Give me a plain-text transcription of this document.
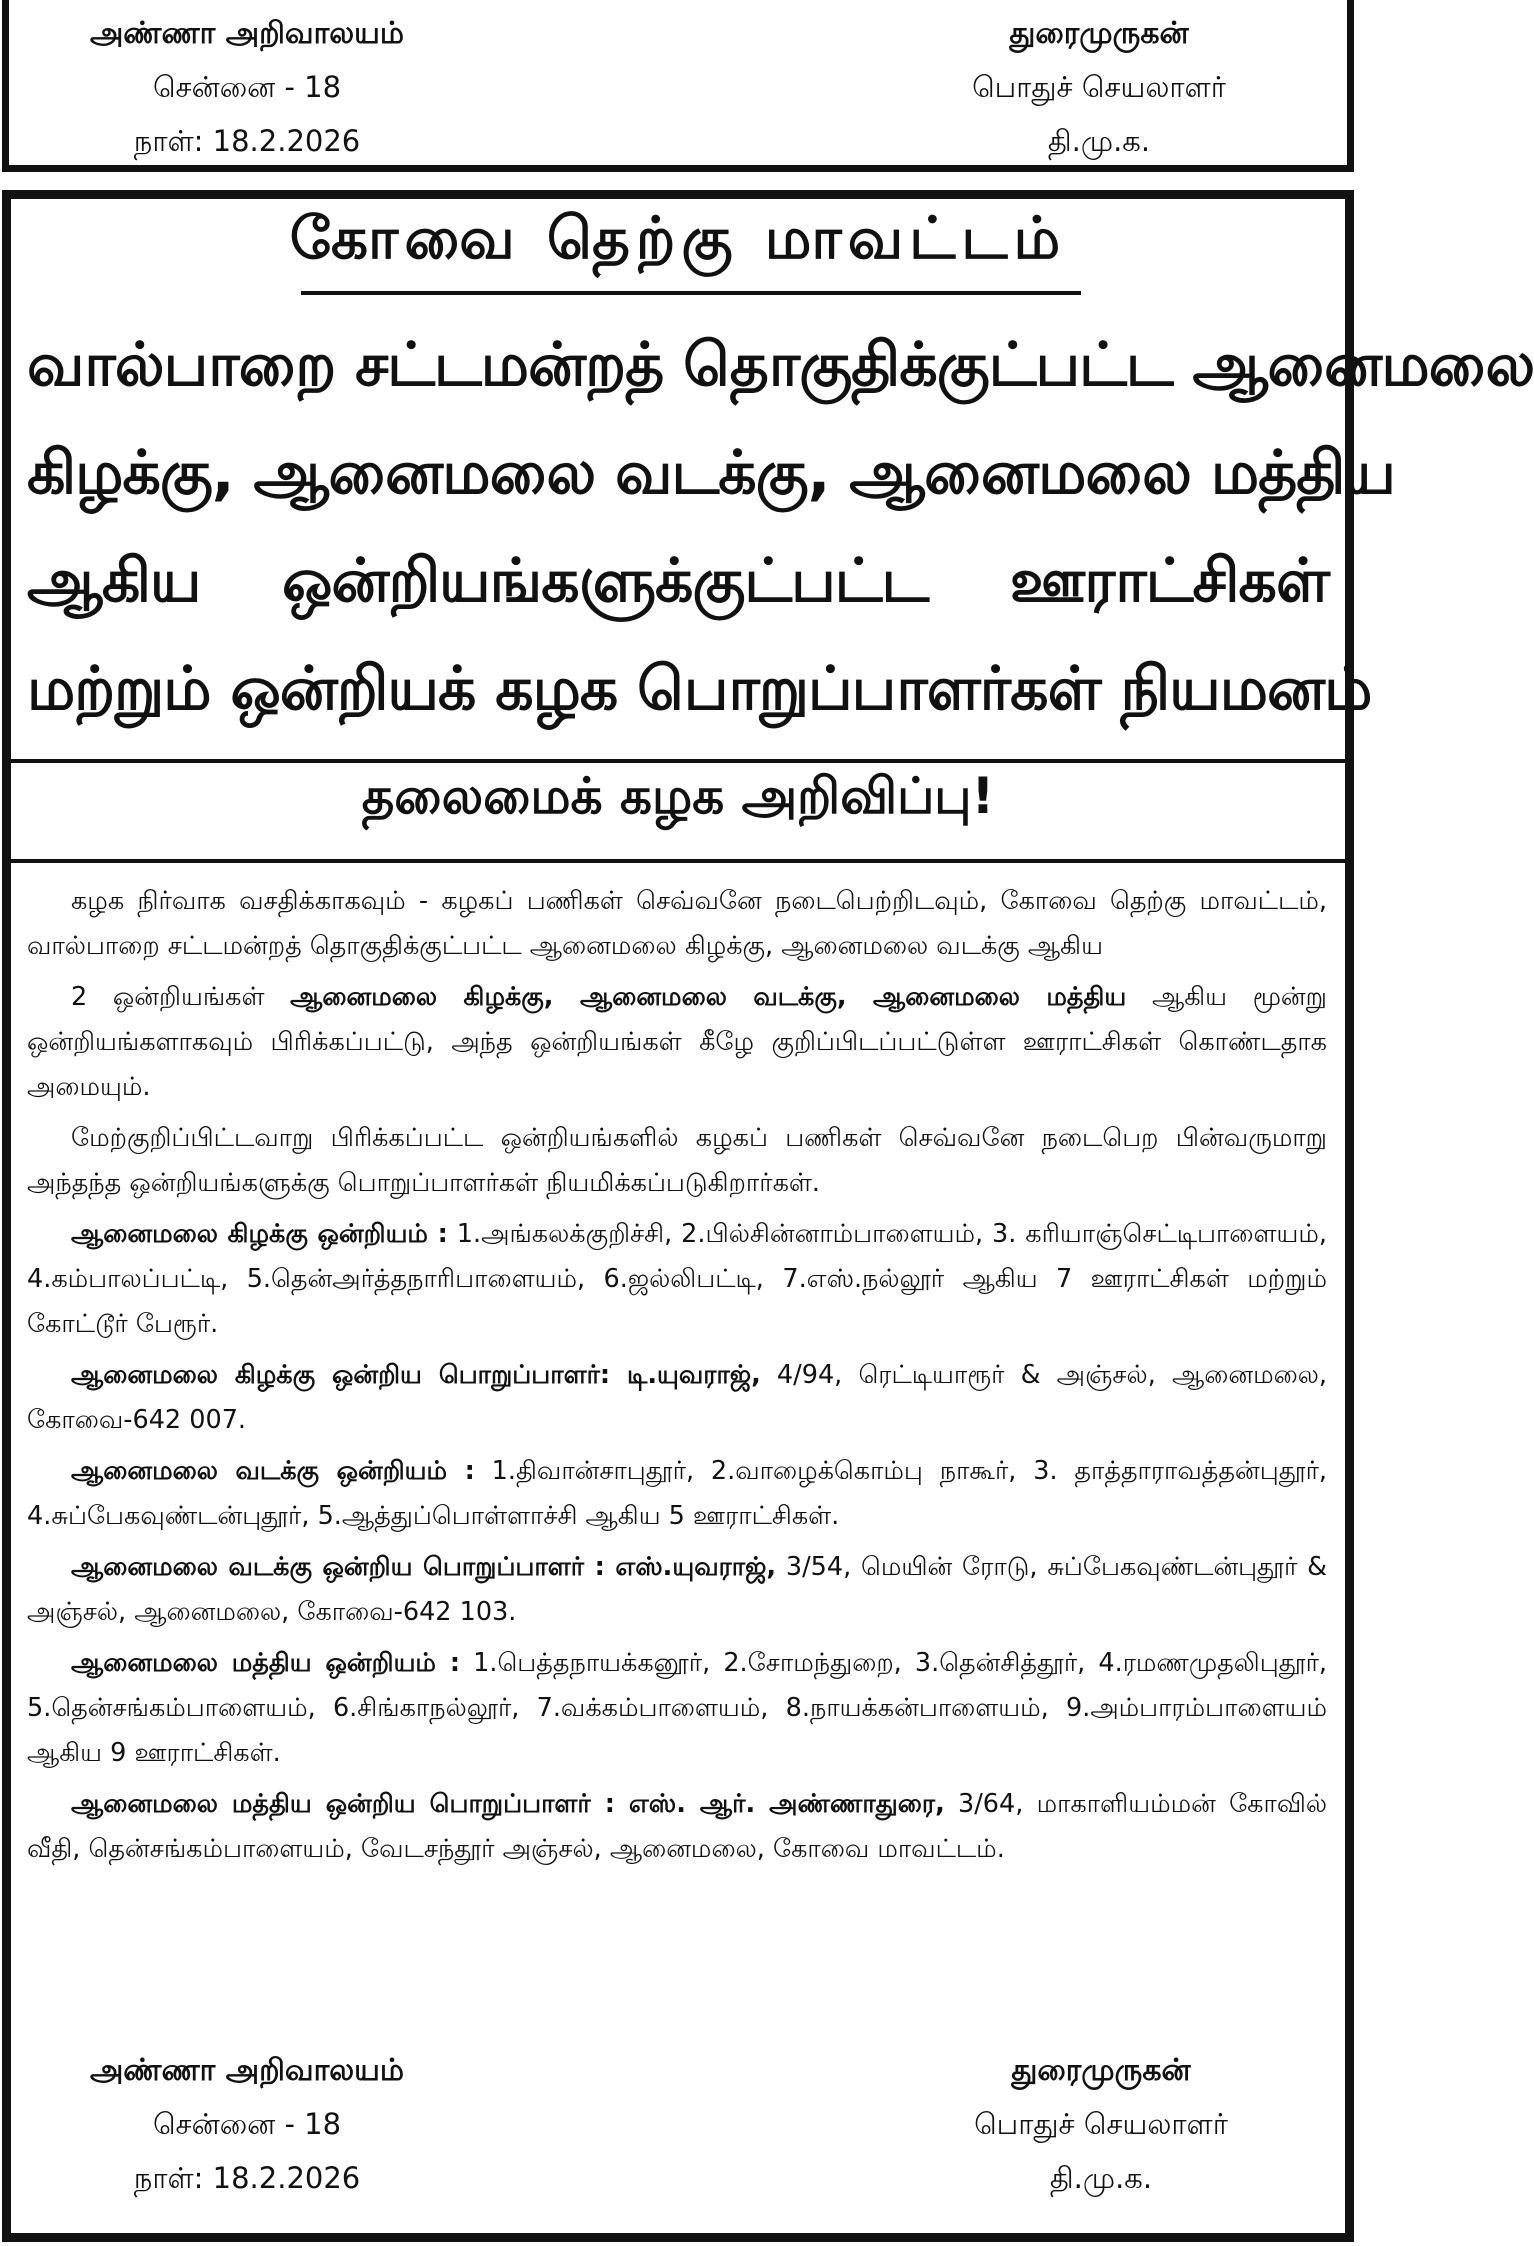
அண்ணா அறிவாலயம்
சென்னை - 18
நாள்: 18.2.2026
துரைமுருகன்
பொதுச் செயலாளர்
தி.மு.க.
கோவை தெற்கு மாவட்டம்
வால்பாறை சட்டமன்றத் தொகுதிக்குட்பட்ட ஆனைமலை
கிழக்கு, ஆனைமலை வடக்கு, ஆனைமலை மத்திய
ஆகிய ஒன்றியங்களுக்குட்பட்ட ஊராட்சிகள்
மற்றும் ஒன்றியக் கழக பொறுப்பாளர்கள் நியமனம்
தலைமைக் கழக அறிவிப்பு!

கழக நிர்வாக வசதிக்காகவும் - கழகப் பணிகள் செவ்வனே நடைபெற்றிடவும், கோவை தெற்கு மாவட்டம், வால்பாறை சட்டமன்றத் தொகுதிக்குட்பட்ட ஆனைமலை கிழக்கு, ஆனைமலை வடக்கு ஆகிய

2 ஒன்றியங்கள் ஆனைமலை கிழக்கு, ஆனைமலை வடக்கு, ஆனைமலை மத்திய ஆகிய மூன்று ஒன்றியங்களாகவும் பிரிக்கப்பட்டு, அந்த ஒன்றியங்கள் கீழே குறிப்பிடப்பட்டுள்ள ஊராட்சிகள் கொண்டதாக அமையும்.

மேற்குறிப்பிட்டவாறு பிரிக்கப்பட்ட ஒன்றியங்களில் கழகப் பணிகள் செவ்வனே நடைபெற பின்வருமாறு அந்தந்த ஒன்றியங்களுக்கு பொறுப்பாளர்கள் நியமிக்கப்படுகிறார்கள்.

ஆனைமலை கிழக்கு ஒன்றியம் : 1.அங்கலக்குறிச்சி, 2.பில்சின்னாம்பாளையம், 3. கரியாஞ்செட்டிபாளையம், 4.கம்பாலப்பட்டி, 5.தென்அர்த்தநாரிபாளையம், 6.ஜல்லிபட்டி, 7.எஸ்.நல்லூர் ஆகிய 7 ஊராட்சிகள் மற்றும் கோட்டூர் பேரூர்.

ஆனைமலை கிழக்கு ஒன்றிய பொறுப்பாளர்: டி.யுவராஜ், 4/94, ரெட்டியாரூர் & அஞ்சல், ஆனைமலை, கோவை-642 007.

ஆனைமலை வடக்கு ஒன்றியம் : 1.திவான்சாபுதூர், 2.வாழைக்கொம்பு நாகூர், 3. தாத்தாராவத்தன்புதூர், 4.சுப்பேகவுண்டன்புதூர், 5.ஆத்துப்பொள்ளாச்சி ஆகிய 5 ஊராட்சிகள்.

ஆனைமலை வடக்கு ஒன்றிய பொறுப்பாளர் : எஸ்.யுவராஜ், 3/54, மெயின் ரோடு, சுப்பேகவுண்டன்புதூர் & அஞ்சல், ஆனைமலை, கோவை-642 103.

ஆனைமலை மத்திய ஒன்றியம் : 1.பெத்தநாயக்கனூர், 2.சோமந்துறை, 3.தென்சித்தூர், 4.ரமணமுதலிபுதூர், 5.தென்சங்கம்பாளையம், 6.சிங்காநல்லூர், 7.வக்கம்பாளையம், 8.நாயக்கன்பாளையம், 9.அம்பாரம்பாளையம் ஆகிய 9 ஊராட்சிகள்.

ஆனைமலை மத்திய ஒன்றிய பொறுப்பாளர் : எஸ். ஆர். அண்ணாதுரை, 3/64, மாகாளியம்மன் கோவில் வீதி, தென்சங்கம்பாளையம், வேடசந்தூர் அஞ்சல், ஆனைமலை, கோவை மாவட்டம்.

அண்ணா அறிவாலயம்
சென்னை - 18
நாள்: 18.2.2026
துரைமுருகன்
பொதுச் செயலாளர்
தி.மு.க.
